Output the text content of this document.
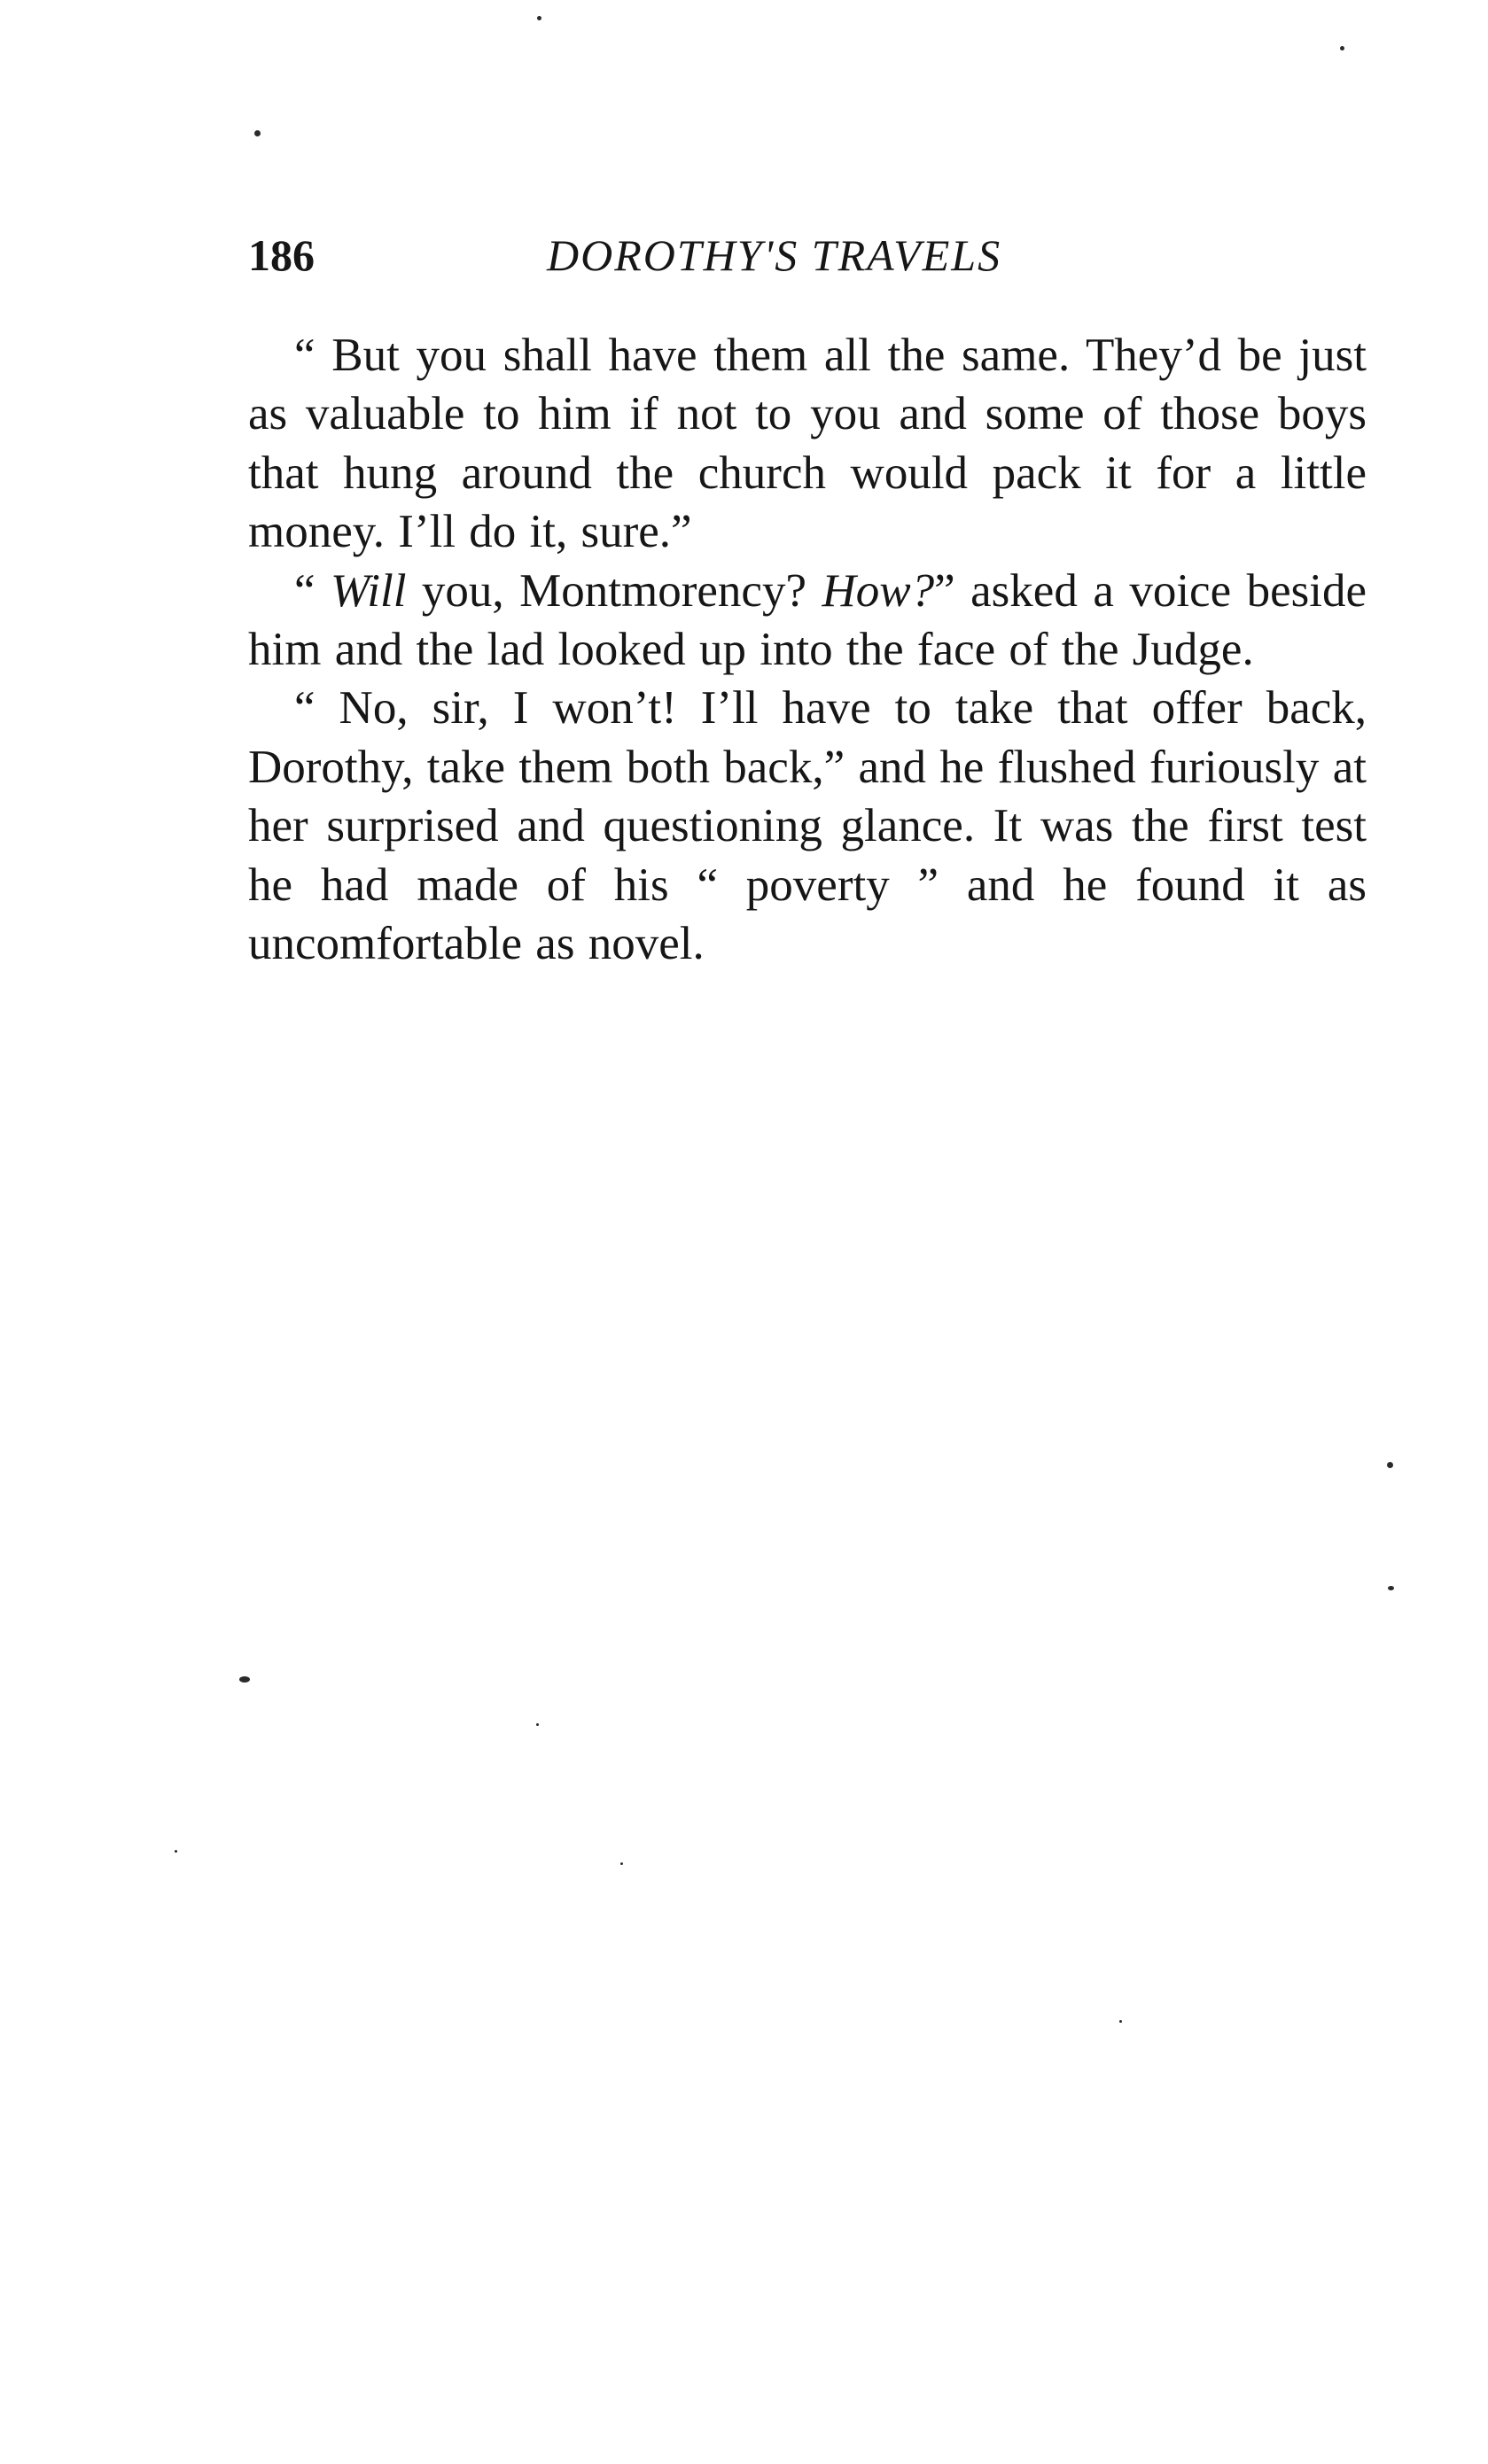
186	DOROTHY'S TRAVELS

“ But you shall have them all the same. They’d be just as valuable to him if not to you and some of those boys that hung around the church would pack it for a little money. I’ll do it, sure.”

“ Will you, Montmorency? How?” asked a voice beside him and the lad looked up into the face of the Judge.

“ No, sir, I won’t! I’ll have to take that offer back, Dorothy, take them both back,” and he flushed furiously at her surprised and questioning glance. It was the first test he had made of his “ poverty ” and he found it as uncomfortable as novel.
